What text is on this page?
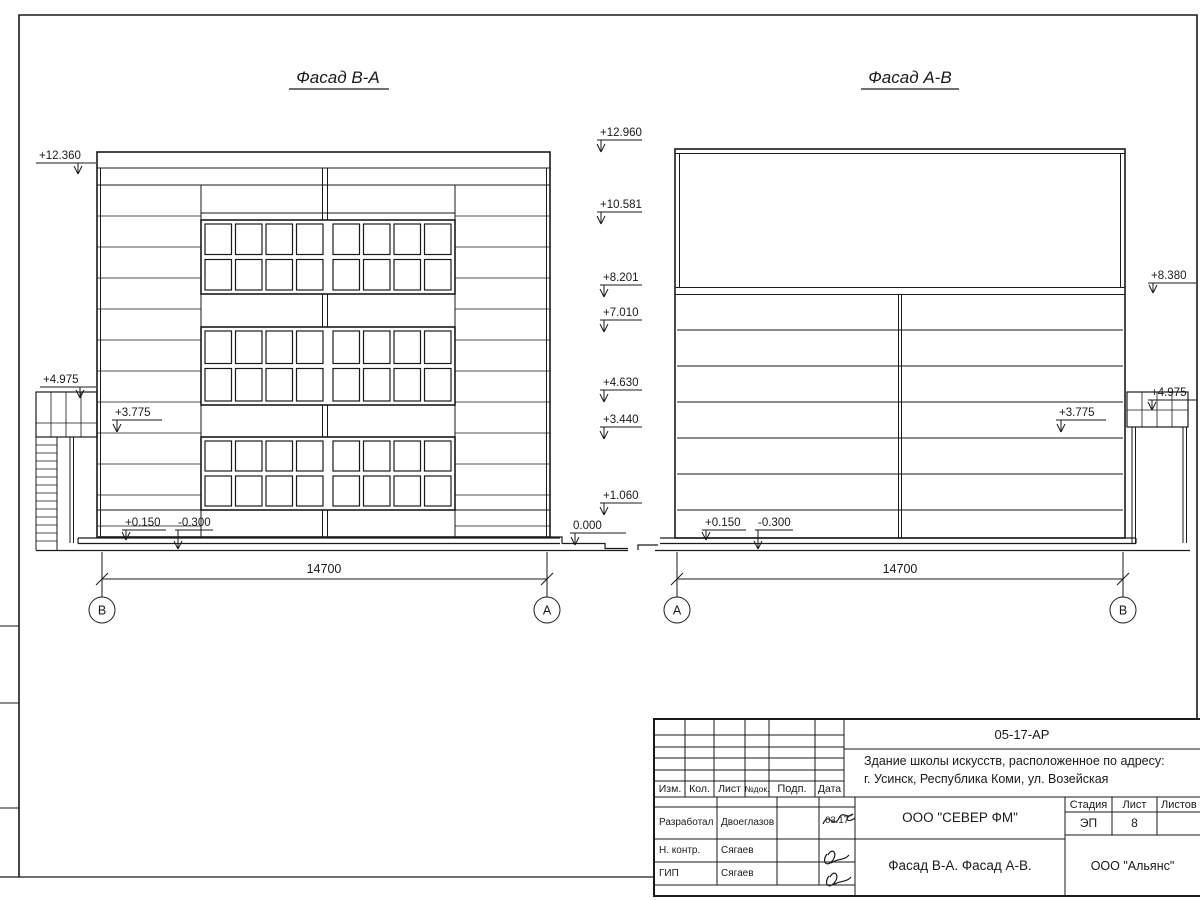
Фасад В-А	Фасад А-В
+12.960
+10.581
+8.201
+7.010
+4.630
+3.440
+1.060
+12.360
+4.975
+3.775
+0.150 -0.300	0.000	+0.150 -0.300
+8.380
+4.975
+3.775
14700
В	А
14700
А	В
Изм. Кол. Лист №док. Подп.	Дата
05-17-АР
Здание школы искусств, расположенное по адресу:
г. Усинск, Республика Коми, ул. Возейская
Разработал Двоеглазов	03.17
Н. контр.	Сягаев
ГИП	Сягаев
ООО "СЕВЕР ФМ"
Стадия	Лист	Листов
ЭП	8
Фасад В-А. Фасад А-В.	ООО "Альянс"
